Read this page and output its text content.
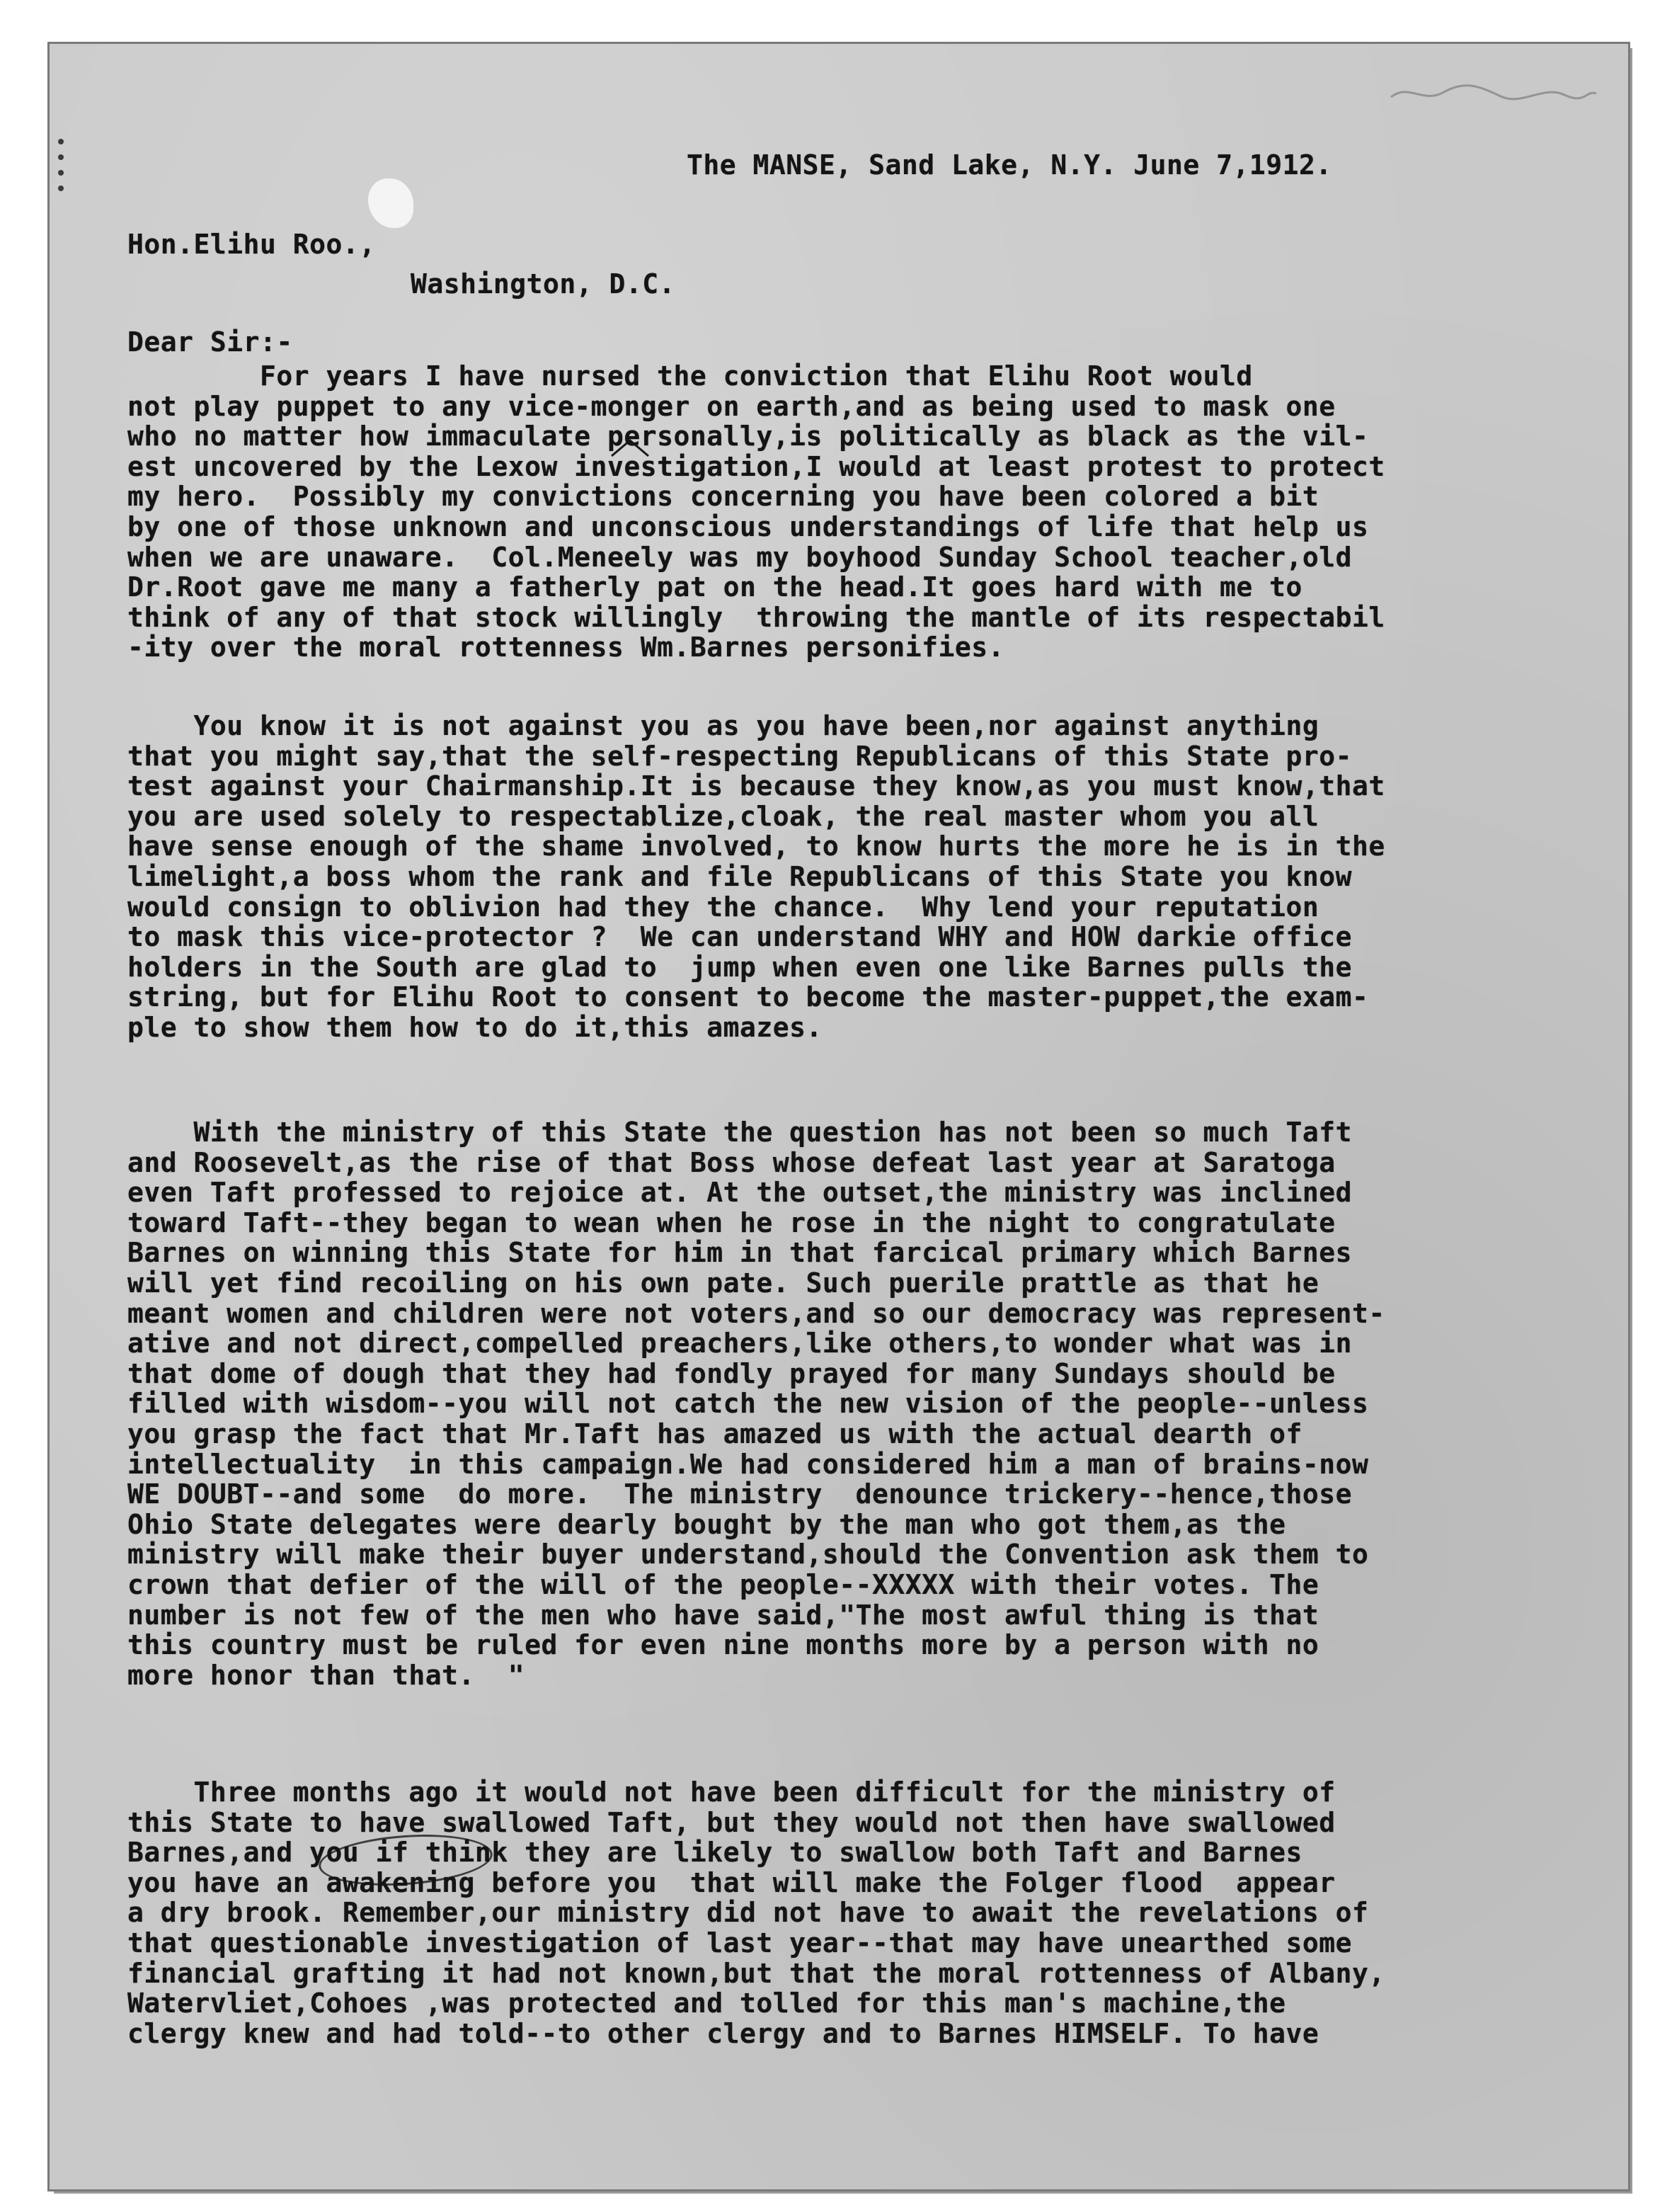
The MANSE, Sand Lake, N.Y. June 7,1912.

Hon.Elihu Roo.,

Washington, D.C.

Dear Sir:-

For years I have nursed the conviction that Elihu Root would
not play puppet to any vice-monger on earth,and as being used to mask one
who no matter how immaculate personally,is politically as black as the vil-
est uncovered by the Lexow investigation,I would at least protest to protect
my hero.  Possibly my convictions concerning you have been colored a bit
by one of those unknown and unconscious understandings of life that help us
when we are unaware.  Col.Meneely was my boyhood Sunday School teacher,old
Dr.Root gave me many a fatherly pat on the head.It goes hard with me to
think of any of that stock willingly  throwing the mantle of its respectabil
-ity over the moral rottenness Wm.Barnes personifies.
You know it is not against you as you have been,nor against anything
that you might say,that the self-respecting Republicans of this State pro-
test against your Chairmanship.It is because they know,as you must know,that
you are used solely to respectablize,cloak, the real master whom you all
have sense enough of the shame involved, to know hurts the more he is in the
limelight,a boss whom the rank and file Republicans of this State you know
would consign to oblivion had they the chance.  Why lend your reputation
to mask this vice-protector ?  We can understand WHY and HOW darkie office
holders in the South are glad to  jump when even one like Barnes pulls the
string, but for Elihu Root to consent to become the master-puppet,the exam-
ple to show them how to do it,this amazes.
With the ministry of this State the question has not been so much Taft
and Roosevelt,as the rise of that Boss whose defeat last year at Saratoga
even Taft professed to rejoice at. At the outset,the ministry was inclined
toward Taft--they began to wean when he rose in the night to congratulate
Barnes on winning this State for him in that farcical primary which Barnes
will yet find recoiling on his own pate. Such puerile prattle as that he
meant women and children were not voters,and so our democracy was represent-
ative and not direct,compelled preachers,like others,to wonder what was in
that dome of dough that they had fondly prayed for many Sundays should be
filled with wisdom--you will not catch the new vision of the people--unless
you grasp the fact that Mr.Taft has amazed us with the actual dearth of
intellectuality  in this campaign.We had considered him a man of brains-now
WE DOUBT--and some  do more.  The ministry  denounce trickery--hence,those
Ohio State delegates were dearly bought by the man who got them,as the
ministry will make their buyer understand,should the Convention ask them to
crown that defier of the will of the people--XXXXX with their votes. The
number is not few of the men who have said,"The most awful thing is that
this country must be ruled for even nine months more by a person with no
more honor than that.  "
Three months ago it would not have been difficult for the ministry of
this State to have swallowed Taft, but they would not then have swallowed
Barnes,and you if think they are likely to swallow both Taft and Barnes
you have an awakening before you  that will make the Folger flood  appear
a dry brook. Remember,our ministry did not have to await the revelations of
that questionable investigation of last year--that may have unearthed some
financial grafting it had not known,but that the moral rottenness of Albany,
Watervliet,Cohoes ,was protected and tolled for this man's machine,the
clergy knew and had told--to other clergy and to Barnes HIMSELF. To have
